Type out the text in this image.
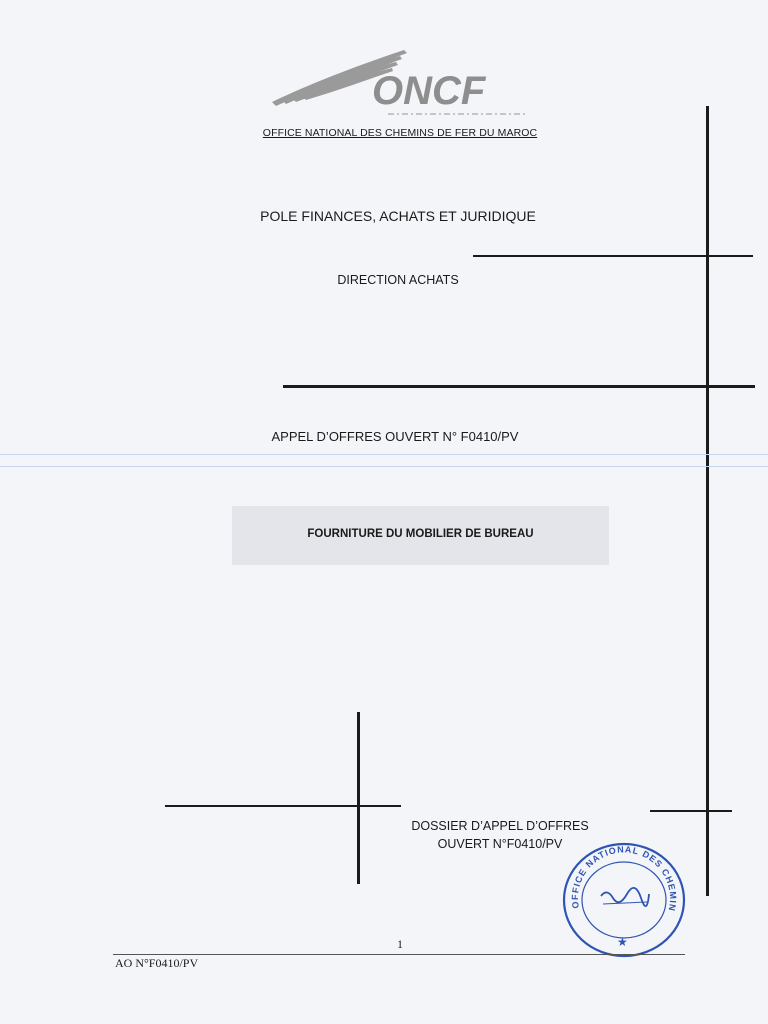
ONCF
OFFICE NATIONAL DES CHEMINS DE FER DU MAROC
POLE FINANCES, ACHATS ET JURIDIQUE
DIRECTION ACHATS
APPEL D’OFFRES OUVERT N° F0410/PV
FOURNITURE DU MOBILIER DE BUREAU
DOSSIER D’APPEL D’OFFRES
OUVERT N°F0410/PV
OFFICE NATIONAL DES CHEMIN
★
1
AO N°F0410/PV
